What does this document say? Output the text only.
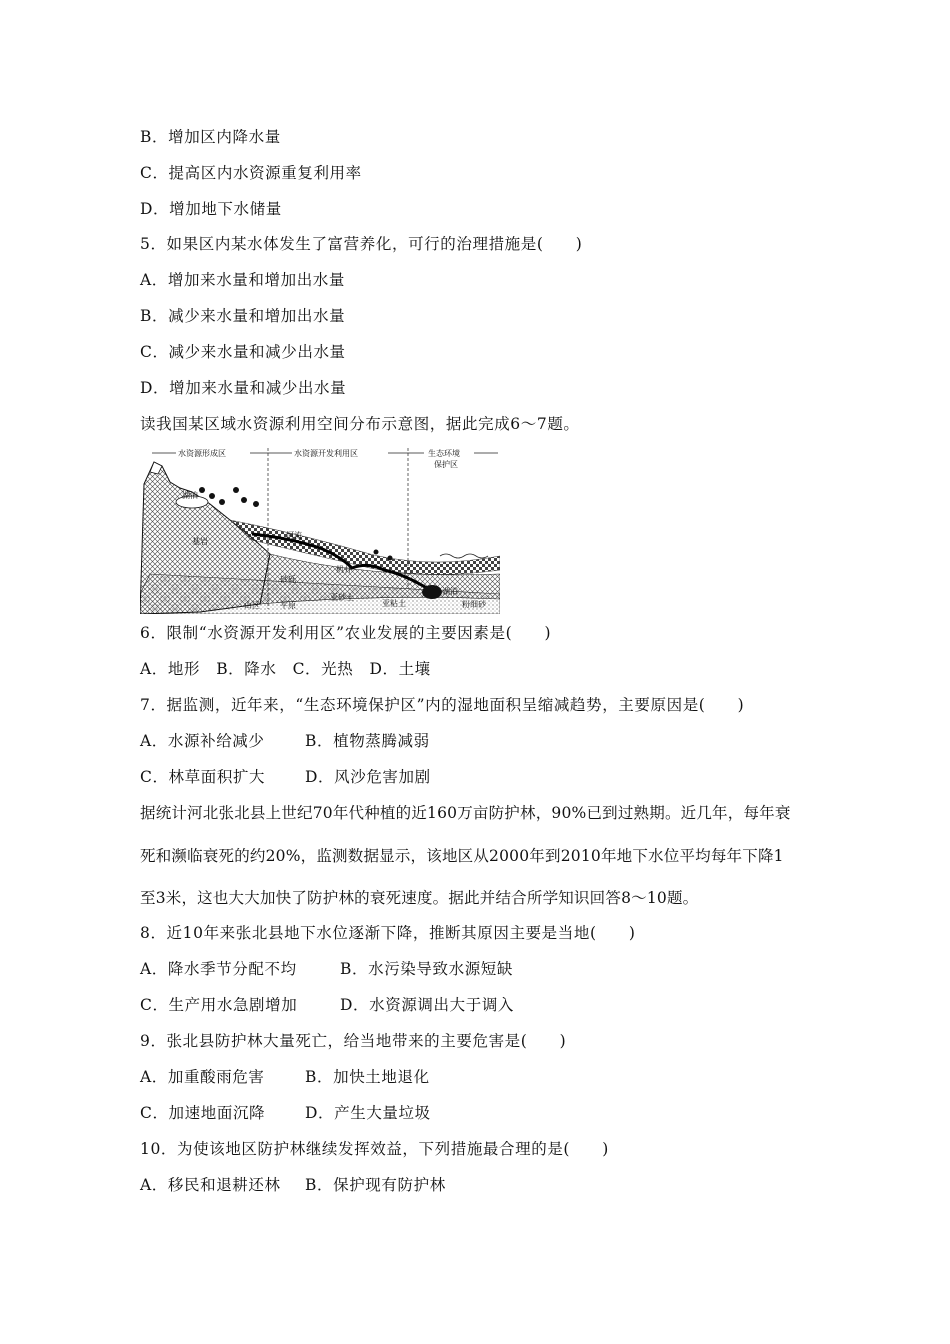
B．增加区内降水量
C．提高区内水资源重复利用率
D．增加地下水储量
5．如果区内某水体发生了富营养化，可行的治理措施是(　　)
A．增加来水量和增加出水量
B．减少来水量和增加出水量
C．减少来水量和减少出水量
D．增加来水量和减少出水量
读我国某区域水资源利用空间分布示意图，据此完成6～7题。
水资源形成区	水资源开发利用区	生态环境
保护区
湖泊
基岩
河流
机井
砂砾
亚砂土
亚粘土
湖泊
粉细砂
山区	平原
6．限制“水资源开发利用区”农业发展的主要因素是(　　)
A．地形　B．降水　C．光热　D．土壤
7．据监测，近年来，“生态环境保护区”内的湿地面积呈缩减趋势，主要原因是(　　)
A．水源补给减少	B．植物蒸腾减弱
C．林草面积扩大	D．风沙危害加剧
据统计河北张北县上世纪70年代种植的近160万亩防护林，90%已到过熟期。近几年，每年衰
死和濒临衰死的约20%，监测数据显示，该地区从2000年到2010年地下水位平均每年下降1
至3米，这也大大加快了防护林的衰死速度。据此并结合所学知识回答8～10题。
8．近10年来张北县地下水位逐渐下降，推断其原因主要是当地(　　)
A．降水季节分配不均	B．水污染导致水源短缺
C．生产用水急剧增加	D．水资源调出大于调入
9．张北县防护林大量死亡，给当地带来的主要危害是(　　)
A．加重酸雨危害	B．加快土地退化
C．加速地面沉降	D．产生大量垃圾
10．为使该地区防护林继续发挥效益，下列措施最合理的是(　　)
A．移民和退耕还林 B．保护现有防护林
